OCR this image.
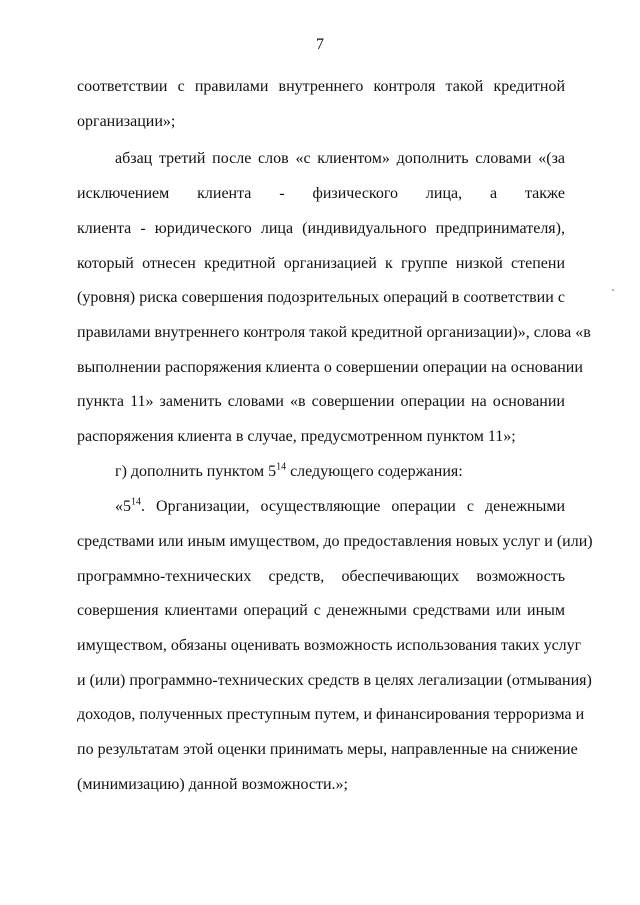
7
соответствии с правилами внутреннего контроля такой кредитной
организации»;
абзац третий после слов «с клиентом» дополнить словами «(за
исключением клиента - физического лица, а также
клиента - юридического лица (индивидуального предпринимателя),
который отнесен кредитной организацией к группе низкой степени
(уровня) риска совершения подозрительных операций в соответствии с
правилами внутреннего контроля такой кредитной организации)», слова «в
выполнении распоряжения клиента о совершении операции на основании
пункта 11» заменить словами «в совершении операции на основании
распоряжения клиента в случае, предусмотренном пунктом 11»;
г) дополнить пунктом $5^{14}$ следующего содержания:
«$5^{14}$. Организации, осуществляющие операции с денежными
средствами или иным имуществом, до предоставления новых услуг и (или)
программно-технических средств, обеспечивающих возможность
совершения клиентами операций с денежными средствами или иным
имуществом, обязаны оценивать возможность использования таких услуг
и (или) программно-технических средств в целях легализации (отмывания)
доходов, полученных преступным путем, и финансирования терроризма и
по результатам этой оценки принимать меры, направленные на снижение
(минимизацию) данной возможности.»;
